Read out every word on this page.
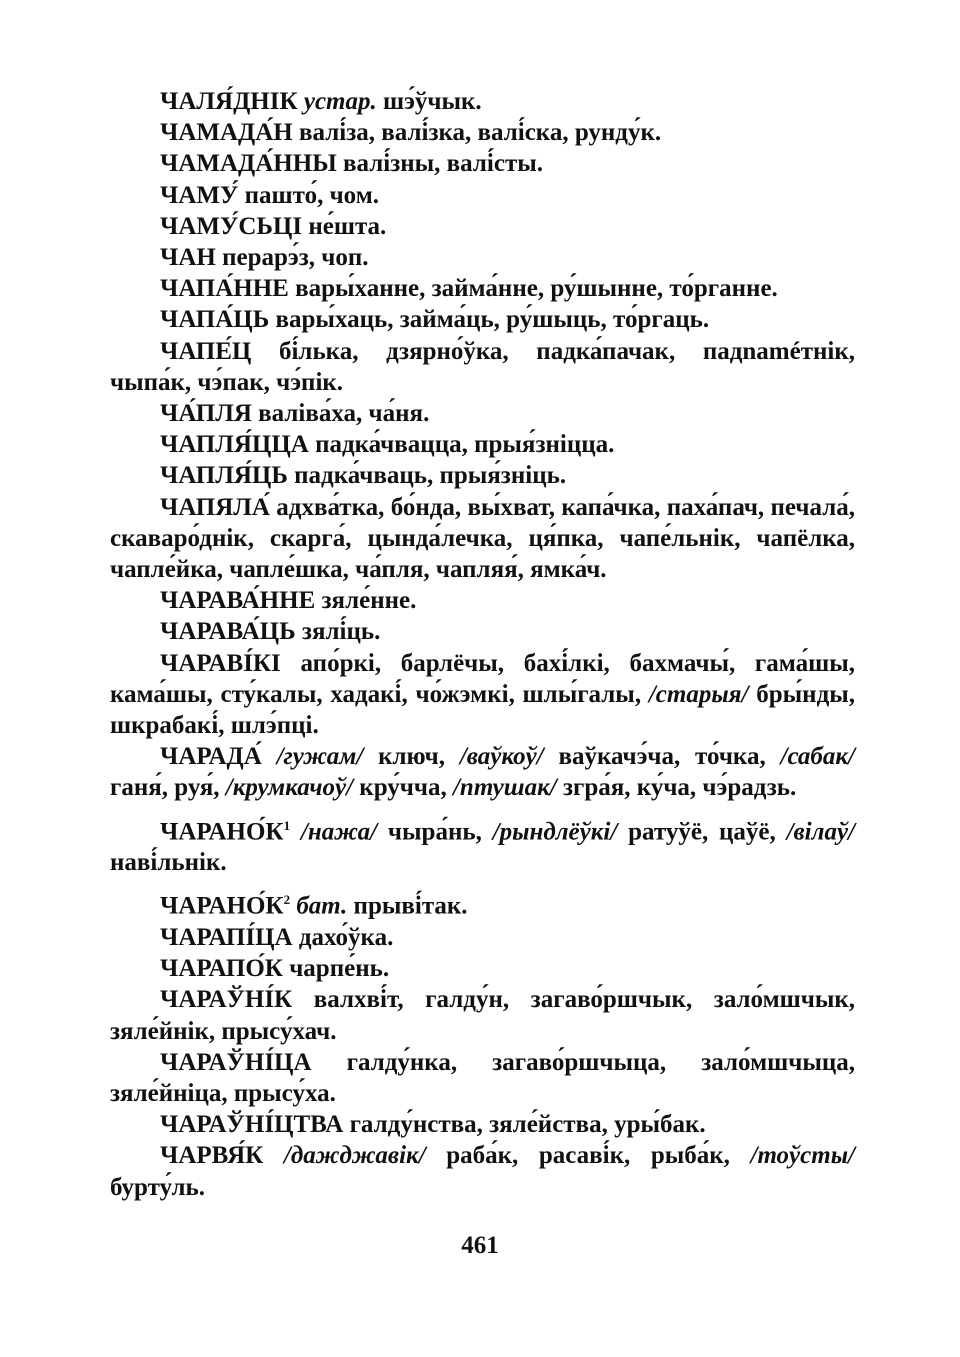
ЧАЛЯ́ДНІК устар. шэ́ўчык.

ЧАМАДА́Н валі́за, валі́зка, валі́ска, рунду́к.

ЧАМАДА́ННЫ валі́зны, валі́сты.

ЧАМУ́ пашто́, чом.

ЧАМУ́СЬЦІ не́шта.

ЧАН перарэ́з, чоп.

ЧАПА́ННЕ вары́ханне, займа́нне, ру́шынне, то́рганне.

ЧАПА́ЦЬ вары́хаць, займа́ць, ру́шыць, то́ргаць.

ЧАПЕ́Ц бі́лька, дзярно́ўка, падка́пачак, падnaméтнік, чыпа́к, чэ́пак, чэ́пік.

ЧА́ПЛЯ валіва́ха, ча́ня.

ЧАПЛЯ́ЦЦА падка́чвацца, прыя́зніцца.

ЧАПЛЯ́ЦЬ падка́чваць, прыя́зніць.

ЧАПЯЛА́ адхва́тка, бо́нда, вы́хват, капа́чка, паха́пач, печала́, скаваро́днік, скарга́, цында́лечка, ця́пка, чапе́льнік, чапёлка, чапле́йка, чапле́шка, ча́пля, чапляя́, ямка́ч.

ЧАРАВА́ННЕ зяле́нне.

ЧАРАВА́ЦЬ зялі́ць.

ЧАРАВІ́КІ апо́ркі, барлёчы, бахі́лкі, бахмачы́, гама́шы, кама́шы, сту́калы, хадакі́, чо́жэмкі, шлы́галы, /старыя/ бры́нды, шкрабакі́, шлэ́пці.

ЧАРАДА́ /гужам/ ключ, /ваўкоў/ ваўкачэ́ча, то́чка, /сабак/ ганя́, руя́, /крумкачоў/ кру́чча, /птушак/ згра́я, ку́ча, чэ́радзь.

$ЧАРАНО́К^1$ /нажа/ чыра́нь, /рындлёўкі/ ратуўё, цаўё, /вілаў/ наві́льнік.

$ЧАРАНО́К^2$ бат. прыві́так.

ЧАРАПІ́ЦА дахо́ўка.

ЧАРАПО́К чарпе́нь.

ЧАРАЎНІ́К валхві́т, галду́н, загаво́ршчык, зало́мшчык, зяле́йнік, прысу́хач.

ЧАРАЎНІ́ЦА галду́нка, загаво́ршчыца, зало́мшчыца, зяле́йніца, прысу́ха.

ЧАРАЎНІ́ЦТВА галду́нства, зяле́йства, уры́бак.

ЧАРВЯ́К /дажджавік/ раба́к, расаві́к, рыба́к, /тоўсты/ бурту́ль.

461
